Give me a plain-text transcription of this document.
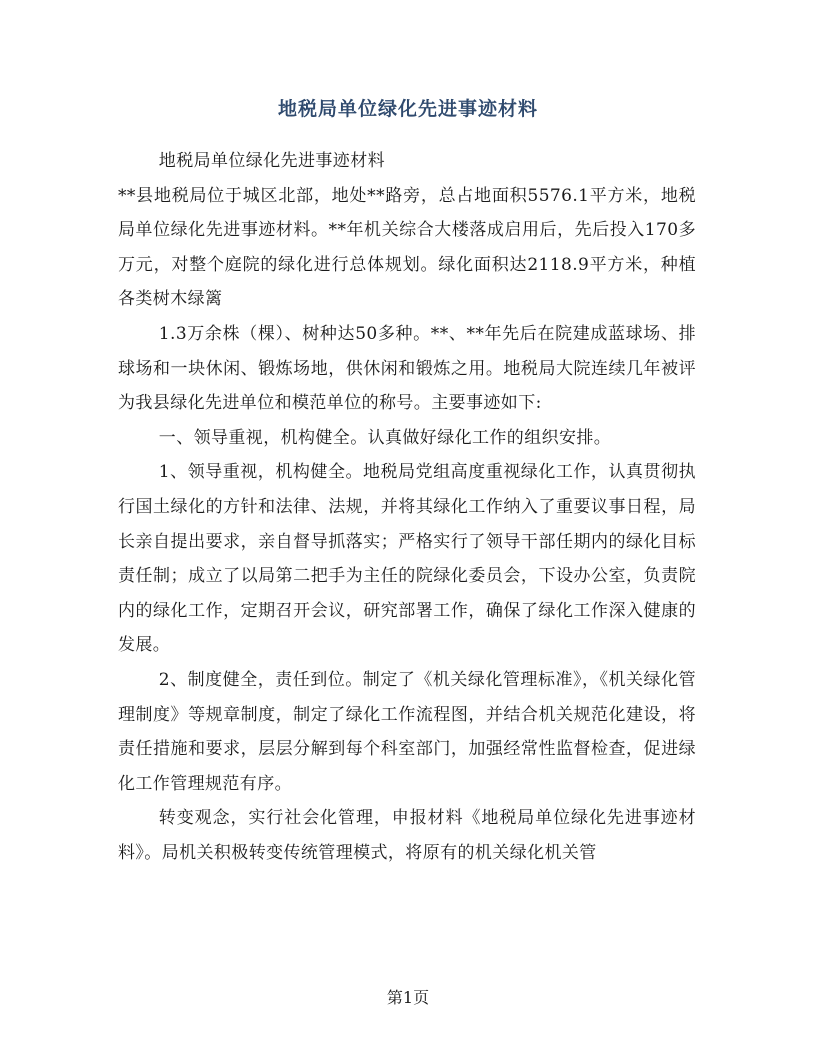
地税局单位绿化先进事迹材料

地税局单位绿化先进事迹材料

**县地税局位于城区北部，地处**路旁，总占地面积5576.1平方米，地税局单位绿化先进事迹材料。**年机关综合大楼落成启用后，先后投入170多万元，对整个庭院的绿化进行总体规划。绿化面积达2118.9平方米，种植各类树木绿篱

1.3万余株（棵）、树种达50多种。**、**年先后在院建成蓝球场、排球场和一块休闲、锻炼场地，供休闲和锻炼之用。地税局大院连续几年被评为我县绿化先进单位和模范单位的称号。主要事迹如下:

一、领导重视，机构健全。认真做好绿化工作的组织安排。

1、领导重视，机构健全。地税局党组高度重视绿化工作，认真贯彻执行国土绿化的方针和法律、法规，并将其绿化工作纳入了重要议事日程，局长亲自提出要求，亲自督导抓落实；严格实行了领导干部任期内的绿化目标责任制；成立了以局第二把手为主任的院绿化委员会，下设办公室，负责院内的绿化工作，定期召开会议，研究部署工作，确保了绿化工作深入健康的发展。

2、制度健全，责任到位。制定了《机关绿化管理标准》，《机关绿化管理制度》等规章制度，制定了绿化工作流程图，并结合机关规范化建设，将责任措施和要求，层层分解到每个科室部门，加强经常性监督检查，促进绿化工作管理规范有序。

转变观念，实行社会化管理，申报材料《地税局单位绿化先进事迹材料》。局机关积极转变传统管理模式，将原有的机关绿化机关管

第1页
